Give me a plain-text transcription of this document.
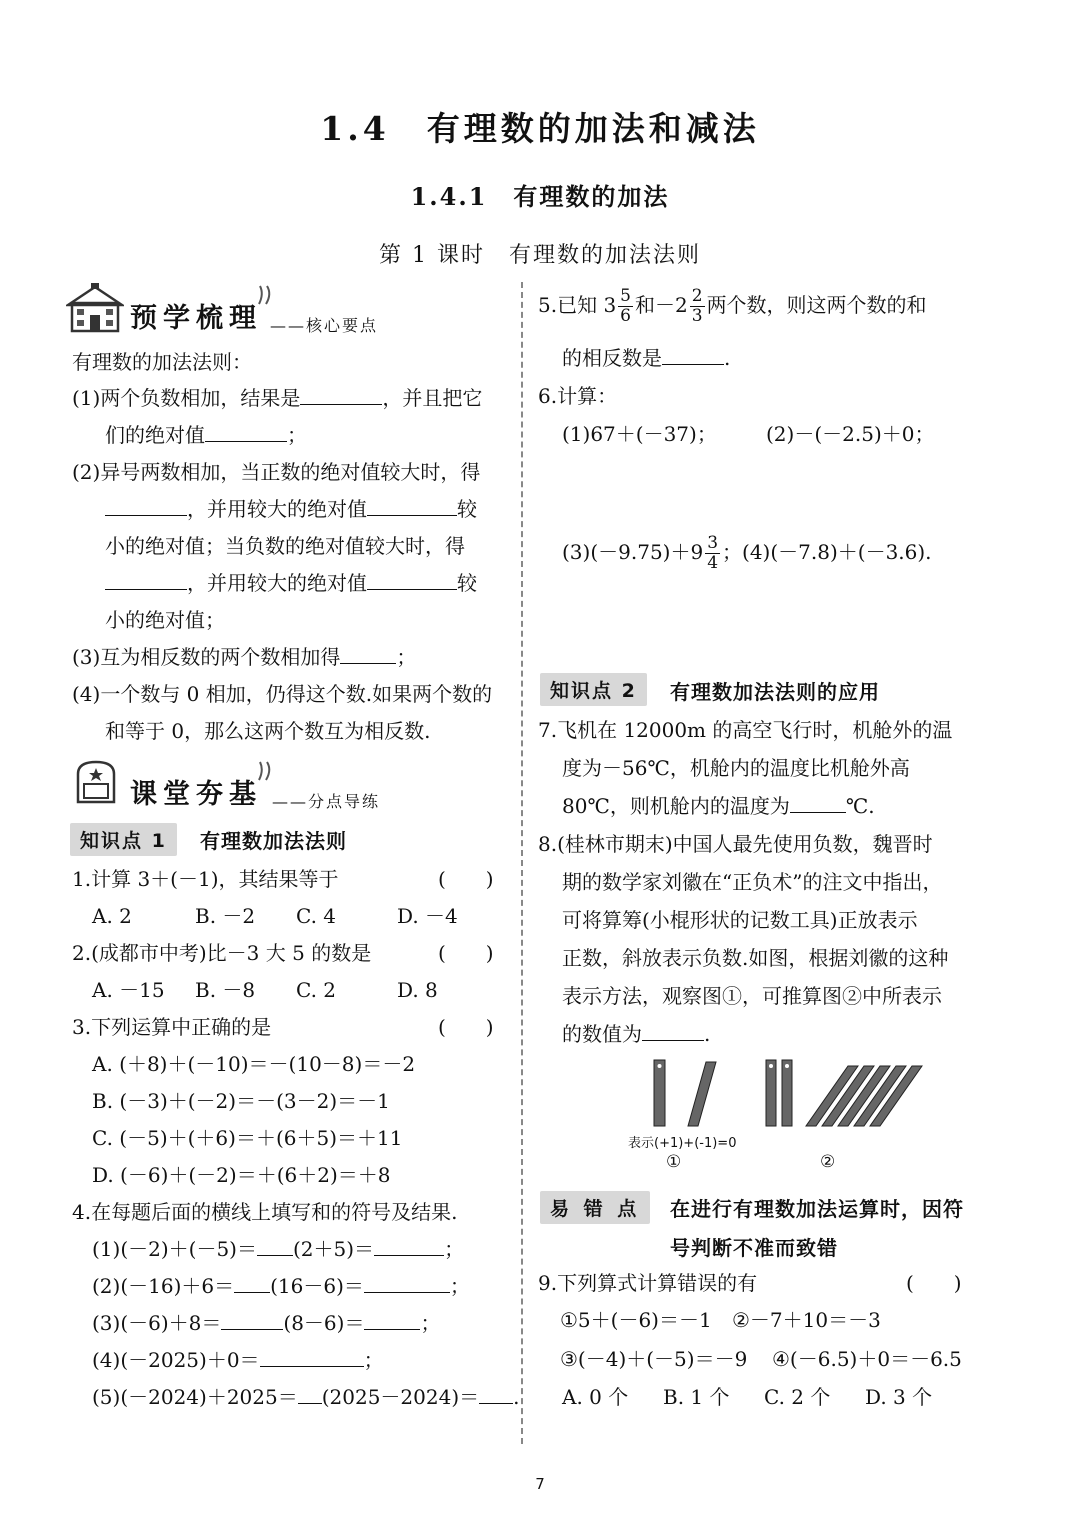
1.4　有理数的加法和减法
1.4.1　有理数的加法
第 1 课时　有理数的加法法则
预学梳理 ——核心要点
有理数的加法法则：
(1)两个负数相加，结果是	，并且把它
们的绝对值	；
(2)异号两数相加，当正数的绝对值较大时，得
，并用较大的绝对值	较
小的绝对值；当负数的绝对值较大时，得
，并用较大的绝对值	较
小的绝对值；
(3)互为相反数的两个数相加得	；
(4)一个数与 0 相加，仍得这个数.如果两个数的
和等于 0，那么这两个数互为相反数.
课堂夯基 ——分点导练
知识点 1	有理数加法法则
1.计算 3＋(－1)，其结果等于	(　　)
A. 2	B. －2 C. 4	D. －4
2.(成都市中考)比－3 大 5 的数是	(　　)
A. －15 B. －8 C. 2	D. 8
3.下列运算中正确的是	(　　)
A. (＋8)＋(－10)＝－(10－8)＝－2
B. (－3)＋(－2)＝－(3－2)＝－1
C. (－5)＋(＋6)＝＋(6＋5)＝＋11
D. (－6)＋(－2)＝＋(6＋2)＝＋8
4.在每题后面的横线上填写和的符号及结果.
(1)(－2)＋(－5)＝ (2＋5)＝	；
(2)(－16)＋6＝ (16－6)＝	；
(3)(－6)＋8＝	(8－6)＝	；
(4)(－2025)＋0＝	；
(5)(－2024)＋2025＝ (2025－2024)＝ .
5.已知 $3 \frac{5}{6}$ 和$-2 \frac{2}{3}$ 两个数，则这两个数的和
的相反数是	.
6.计算：
(1)67＋(－37)； (2)－(－2.5)＋0；
$(3)(-9.75)+9 \frac{3}{4}$ ；(4)(－7.8)＋(－3.6).
知识点 2	有理数加法法则的应用
7.飞机在 12000m 的高空飞行时，机舱外的温
度为－56℃，机舱内的温度比机舱外高
80℃，则机舱内的温度为	℃.
8.(桂林市期末)中国人最先使用负数，魏晋时
期的数学家刘徽在“正负术”的注文中指出，
可将算筹(小棍形状的记数工具)正放表示
正数，斜放表示负数.如图，根据刘徽的这种
表示方法，观察图①，可推算图②中所表示
的数值为	.
表示(+1)+(-1)=0
①	②
易 错 点	在进行有理数加法运算时，因符
号判断不准而致错
9.下列算式计算错误的有	(　　)
①5＋(－6)＝－1 ②－7＋10＝－3
③(－4)＋(－5)＝－9 ④(－6.5)＋0＝－6.5
A. 0 个 B. 1 个 C. 2 个 D. 3 个
7
